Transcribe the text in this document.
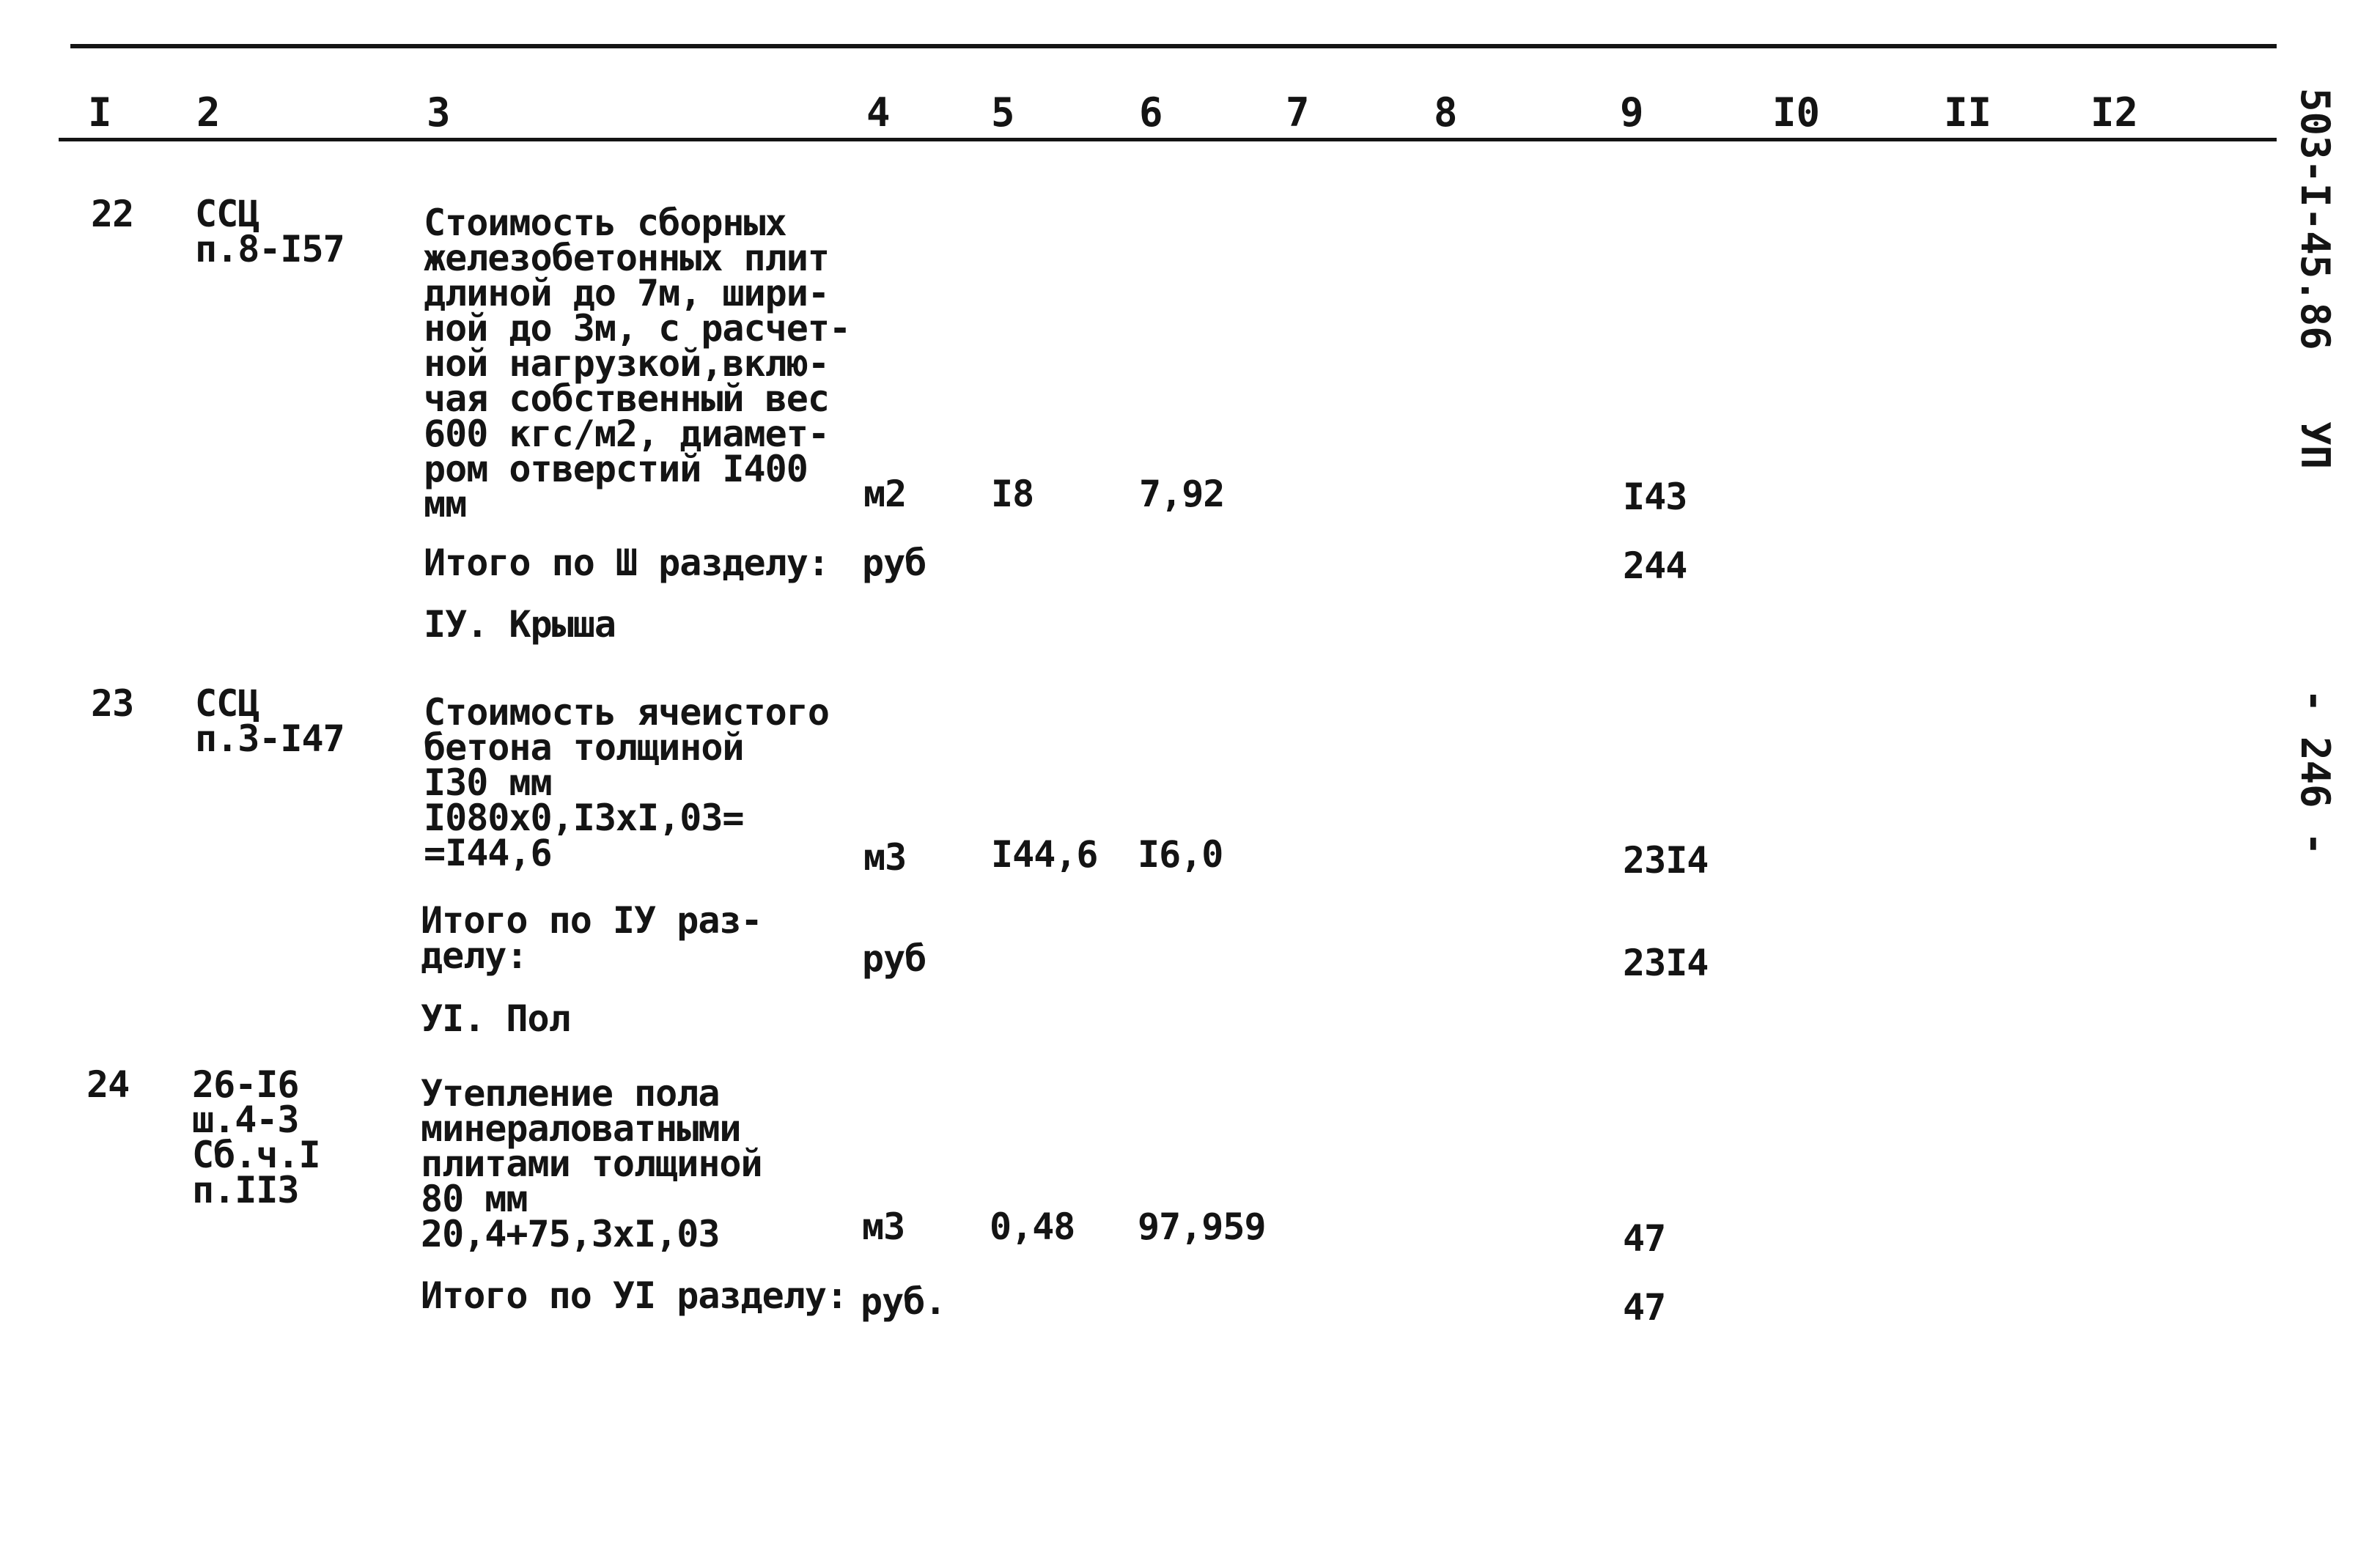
I 2	3	4	5	6	7	8	9	I0	II I2	503-I-45.86   УП
- 246 -
22 ССЦ
п.8-I57
Стоимость сборных
железобетонных плит
длиной до 7м, шири-
ной до 3м, с расчет-
ной нагрузкой,вклю-
чая собственный вес
600 кгс/м2, диамет-
ром отверстий I400
мм	м2 I8	7,92	I43
Итого по Ш разделу: руб	244
IУ. Крыша
23 ССЦ
п.3-I47
Стоимость ячеистого
бетона толщиной
I30 мм
I080х0,I3хI,03=
=I44,6	м3 I44,6 I6,0	23I4
Итого по IУ раз-
делу:	руб	23I4
УI. Пол
24 26-I6
ш.4-3
Сб.ч.I
п.II3
Утепление пола
минераловатными
плитами толщиной
80 мм
20,4+75,3хI,03	м3 0,48 97,959	47
Итого по УI разделу: руб.	47
